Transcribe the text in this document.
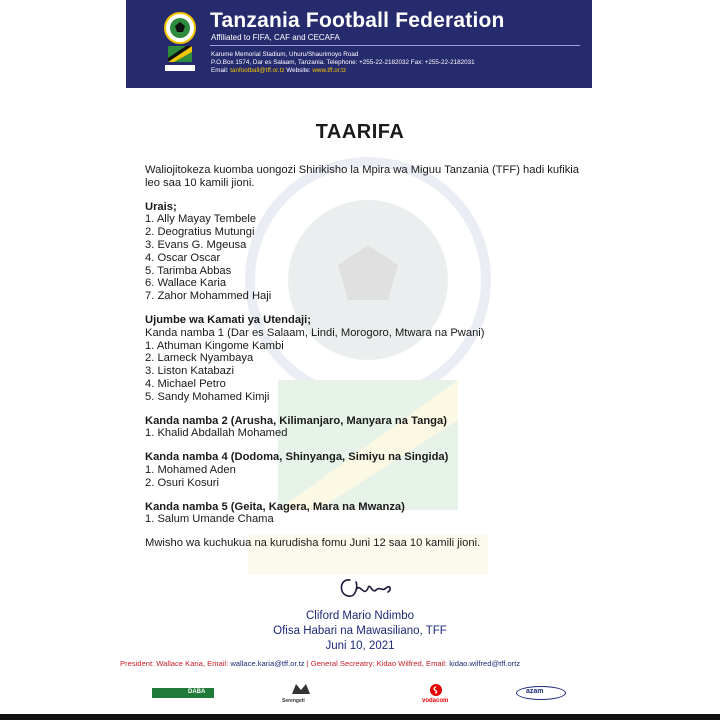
Tanzania Football Federation
Affiliated to FIFA, CAF and CECAFA
Karume Memorial Stadium, Uhuru/Shaurimoyo Road
P.O.Box 1574, Dar es Salaam, Tanzania. Telephone: +255-22-2182032 Fax: +255-22-2182031
Email: tanfootball@tff.or.tz Website: www.tff.or.tz
TAARIFA

Waliojitokeza kuomba uongozi Shirikisho la Mpira wa Miguu Tanzania (TFF) hadi kufikia leo saa 10 kamili jioni.

Urais;

1. Ally Mayay Tembele
2. Deogratius Mutungi
3. Evans G. Mgeusa
4. Oscar Oscar
5. Tarimba Abbas
6. Wallace Karia
7. Zahor Mohammed Haji

Ujumbe wa Kamati ya Utendaji;

Kanda namba 1 (Dar es Salaam, Lindi, Morogoro, Mtwara na Pwani)

1. Athuman Kingome Kambi
2. Lameck Nyambaya
3. Liston Katabazi
4. Michael Petro
5. Sandy Mohamed Kimji

Kanda namba 2 (Arusha, Kilimanjaro, Manyara na Tanga)

1. Khalid Abdallah Mohamed

Kanda namba 4 (Dodoma, Shinyanga, Simiyu na Singida)

1. Mohamed Aden
2. Osuri Kosuri

Kanda namba 5 (Geita, Kagera, Mara na Mwanza)

1. Salum Umande Chama

Mwisho wa kuchukua na kurudisha fomu Juni 12 saa 10 kamili jioni.

Cliford Mario Ndimbo
Ofisa Habari na Mawasiliano, TFF
Juni 10, 2021
President: Wallace Karia, Email: wallace.karia@tff.or.tz | General Secreatry: Kidao Wilfred, Email: kidao.wilfred@tff.ortz
DABA
Serengeti	vodacom
azam
